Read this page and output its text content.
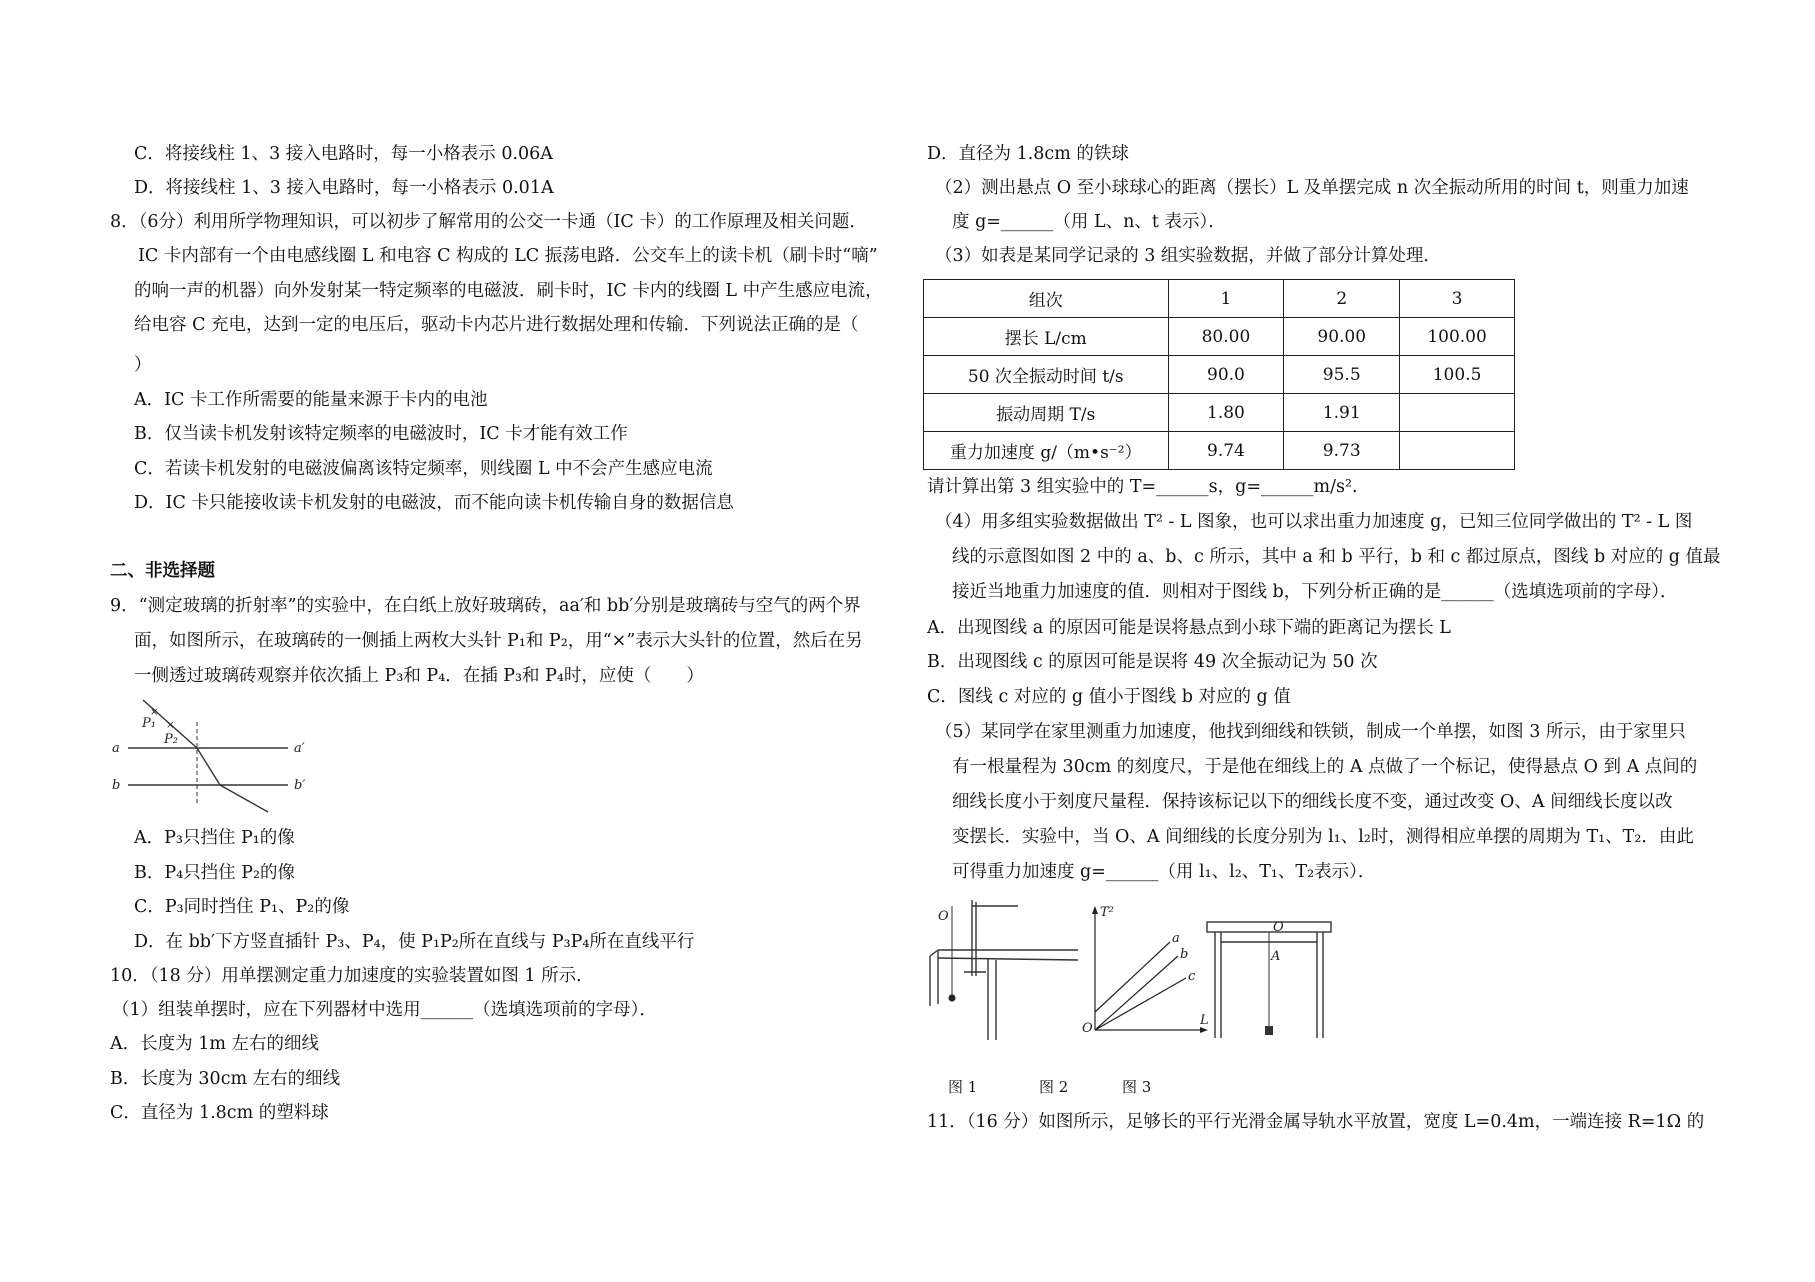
C．将接线柱 1、3 接入电路时，每一小格表示 0.06A
D．将接线柱 1、3 接入电路时，每一小格表示 0.01A
8．（6分）利用所学物理知识，可以初步了解常用的公交一卡通（IC 卡）的工作原理及相关问题．
IC 卡内部有一个由电感线圈 L 和电容 C 构成的 LC 振荡电路．公交车上的读卡机（刷卡时“嘀”
的响一声的机器）向外发射某一特定频率的电磁波．刷卡时，IC 卡内的线圈 L 中产生感应电流，
给电容 C 充电，达到一定的电压后，驱动卡内芯片进行数据处理和传输．下列说法正确的是（
）
A．IC 卡工作所需要的能量来源于卡内的电池
B．仅当读卡机发射该特定频率的电磁波时，IC 卡才能有效工作
C．若读卡机发射的电磁波偏离该特定频率，则线圈 L 中不会产生感应电流
D．IC 卡只能接收读卡机发射的电磁波，而不能向读卡机传输自身的数据信息
二、非选择题
9．“测定玻璃的折射率”的实验中，在白纸上放好玻璃砖，aa′和 bb′分别是玻璃砖与空气的两个界
面，如图所示，在玻璃砖的一侧插上两枚大头针 P₁和 P₂，用“×”表示大头针的位置，然后在另
一侧透过玻璃砖观察并依次插上 P₃和 P₄．在插 P₃和 P₄时，应使（　　）
×
×
P₁
P₂
a	a′
b	b′
A．P₃只挡住 P₁的像
B．P₄只挡住 P₂的像
C．P₃同时挡住 P₁、P₂的像
D．在 bb′下方竖直插针 P₃、P₄，使 P₁P₂所在直线与 P₃P₄所在直线平行
10．（18 分）用单摆测定重力加速度的实验装置如图 1 所示．
（1）组装单摆时，应在下列器材中选用______（选填选项前的字母）．
A．长度为 1m 左右的细线
B．长度为 30cm 左右的细线
C．直径为 1.8cm 的塑料球
D．直径为 1.8cm 的铁球
（2）测出悬点 O 至小球球心的距离（摆长）L 及单摆完成 n 次全振动所用的时间 t，则重力加速
度 g=______（用 L、n、t 表示）．
（3）如表是某同学记录的 3 组实验数据，并做了部分计算处理．
组次	1	2	3
摆长 L/cm	80.00	90.00	100.00
50 次全振动时间 t/s	90.0	95.5	100.5
振动周期 T/s	1.80	1.91	
重力加速度 g/（m•s⁻²）	9.74	9.73	
请计算出第 3 组实验中的 T=______s，g=______m/s².
（4）用多组实验数据做出 T² - L 图象，也可以求出重力加速度 g，已知三位同学做出的 T² - L 图
线的示意图如图 2 中的 a、b、c 所示，其中 a 和 b 平行，b 和 c 都过原点，图线 b 对应的 g 值最
接近当地重力加速度的值．则相对于图线 b，下列分析正确的是______（选填选项前的字母）．
A．出现图线 a 的原因可能是误将悬点到小球下端的距离记为摆长 L
B．出现图线 c 的原因可能是误将 49 次全振动记为 50 次
C．图线 c 对应的 g 值小于图线 b 对应的 g 值
（5）某同学在家里测重力加速度，他找到细线和铁锁，制成一个单摆，如图 3 所示，由于家里只
有一根量程为 30cm 的刻度尺，于是他在细线上的 A 点做了一个标记，使得悬点 O 到 A 点间的
细线长度小于刻度尺量程．保持该标记以下的细线长度不变，通过改变 O、A 间细线长度以改
变摆长．实验中，当 O、A 间细线的长度分别为 l₁、l₂时，测得相应单摆的周期为 T₁、T₂．由此
可得重力加速度 g=______（用 l₁、l₂、T₁、T₂表示）．
O	T²
L
O
a
b
c
O
A
图 1	图 2	图 3
11．（16 分）如图所示，足够长的平行光滑金属导轨水平放置，宽度 L=0.4m，一端连接 R=1Ω 的
